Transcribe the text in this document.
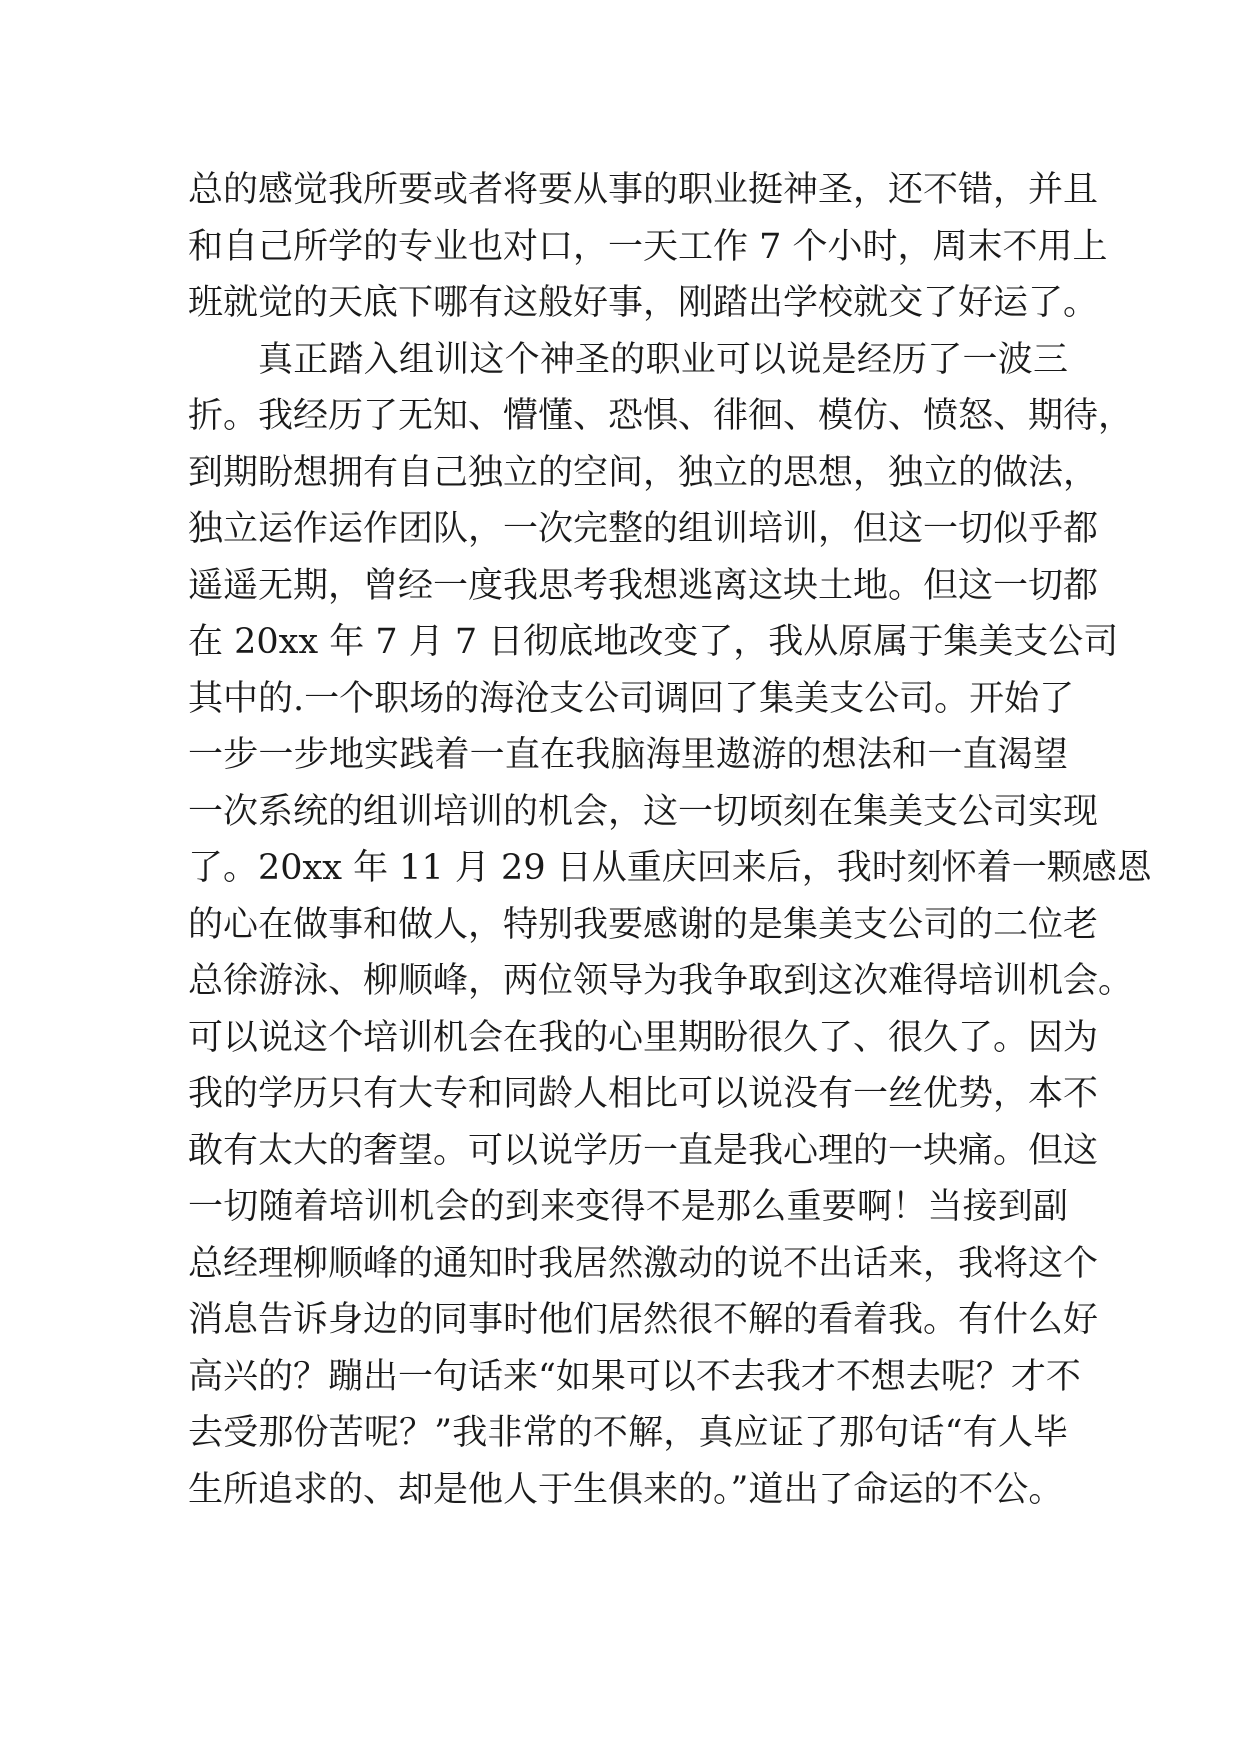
总的感觉我所要或者将要从事的职业挺神圣，还不错，并且
和自己所学的专业也对口，一天工作 7 个小时，周末不用上
班就觉的天底下哪有这般好事，刚踏出学校就交了好运了。
真正踏入组训这个神圣的职业可以说是经历了一波三
折。我经历了无知、懵懂、恐惧、徘徊、模仿、愤怒、期待，
到期盼想拥有自己独立的空间，独立的思想，独立的做法，
独立运作运作团队，一次完整的组训培训，但这一切似乎都
遥遥无期，曾经一度我思考我想逃离这块土地。但这一切都
在 20xx 年 7 月 7 日彻底地改变了，我从原属于集美支公司
其中的.一个职场的海沧支公司调回了集美支公司。开始了
一步一步地实践着一直在我脑海里遨游的想法和一直渴望
一次系统的组训培训的机会，这一切顷刻在集美支公司实现
了。20xx 年 11 月 29 日从重庆回来后，我时刻怀着一颗感恩
的心在做事和做人，特别我要感谢的是集美支公司的二位老
总徐游泳、柳顺峰，两位领导为我争取到这次难得培训机会。
可以说这个培训机会在我的心里期盼很久了、很久了。因为
我的学历只有大专和同龄人相比可以说没有一丝优势，本不
敢有太大的奢望。可以说学历一直是我心理的一块痛。但这
一切随着培训机会的到来变得不是那么重要啊！当接到副
总经理柳顺峰的通知时我居然激动的说不出话来，我将这个
消息告诉身边的同事时他们居然很不解的看着我。有什么好
高兴的？蹦出一句话来“如果可以不去我才不想去呢？才不
去受那份苦呢？”我非常的不解，真应证了那句话“有人毕
生所追求的、却是他人于生俱来的。”道出了命运的不公。
